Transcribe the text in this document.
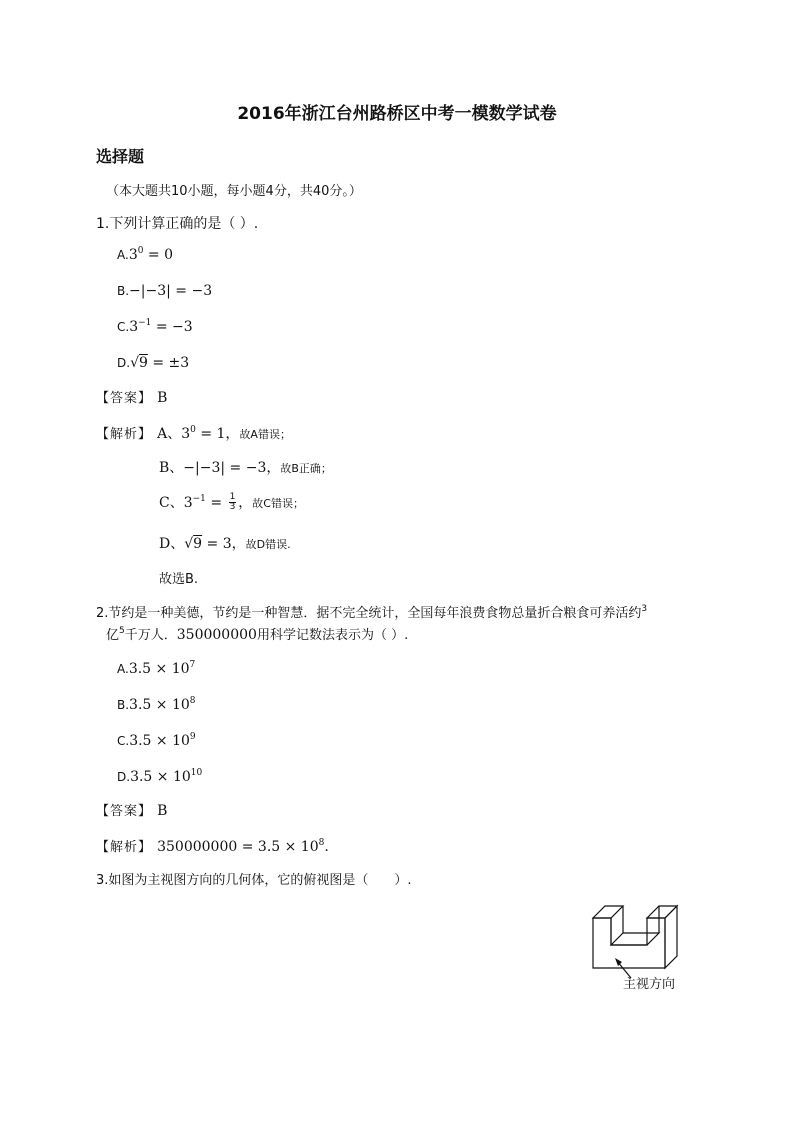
2016年浙江台州路桥区中考一模数学试卷
选择题
（本大题共10小题，每小题4分，共40分。）
1.下列计算正确的是（ ）.
$A.3^0 = 0$
B.−|−3| = −3
$C.3^{-1} = -3$
D.√9 = ±3
【答案】 B
【解析】 A、$3^0 = 1$，故A错误；
B、−|−3| = −3，故B正确；
C、$3^{-1} = \frac{1}{3}$ ，故C错误；
D、√9 = 3，故D错误.
故选B.
2.节约是一种美德，节约是一种智慧．据不完全统计，全国每年浪费食物总量折合粮食可养活约$^3$
亿$^5$千万人．350000000用科学记数法表示为（ ）.
$A.3.5 \times 10^7$
$B.3.5 \times 10^8$
$C.3.5 \times 10^9$
$D.3.5 \times 10^{10}$
【答案】 B
【解析】 $350000000 = 3.5 \times 10^8$.
3.如图为主视图方向的几何体，它的俯视图是（　　）.
主视方向
